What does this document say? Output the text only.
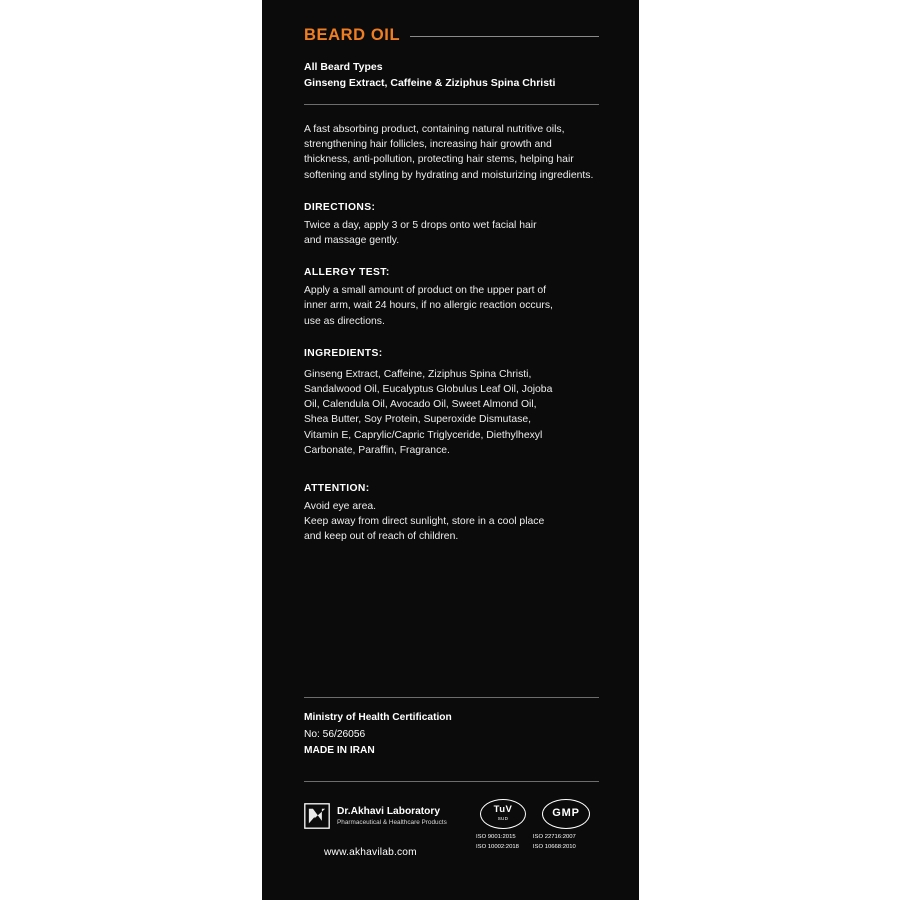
BEARD OIL
All Beard Types
Ginseng Extract, Caffeine & Ziziphus Spina Christi
A fast absorbing product, containing natural nutritive oils, strengthening hair follicles, increasing hair growth and thickness, anti-pollution, protecting hair stems, helping hair softening and styling by hydrating and moisturizing ingredients.
DIRECTIONS:
Twice a day, apply 3 or 5 drops onto wet facial hair
and massage gently.
ALLERGY TEST:
Apply a small amount of product on the upper part of
inner arm, wait 24 hours, if no allergic reaction occurs,
use as directions.
INGREDIENTS:
Ginseng Extract, Caffeine, Ziziphus Spina Christi,
Sandalwood Oil, Eucalyptus Globulus Leaf Oil, Jojoba
Oil, Calendula Oil, Avocado Oil, Sweet Almond Oil,
Shea Butter, Soy Protein, Superoxide Dismutase,
Vitamin E, Caprylic/Capric Triglyceride, Diethylhexyl
Carbonate, Paraffin, Fragrance.
ATTENTION:
Avoid eye area.
Keep away from direct sunlight, store in a cool place
and keep out of reach of children.
Ministry of Health Certification
No: 56/26056
MADE IN IRAN
Dr.Akhavi Laboratory
Pharmaceutical & Healthcare Products
TuV
SUD	GMP
ISO 9001:2015
ISO 10002:2018
ISO 22716:2007
ISO 10668:2010
www.akhavilab.com
